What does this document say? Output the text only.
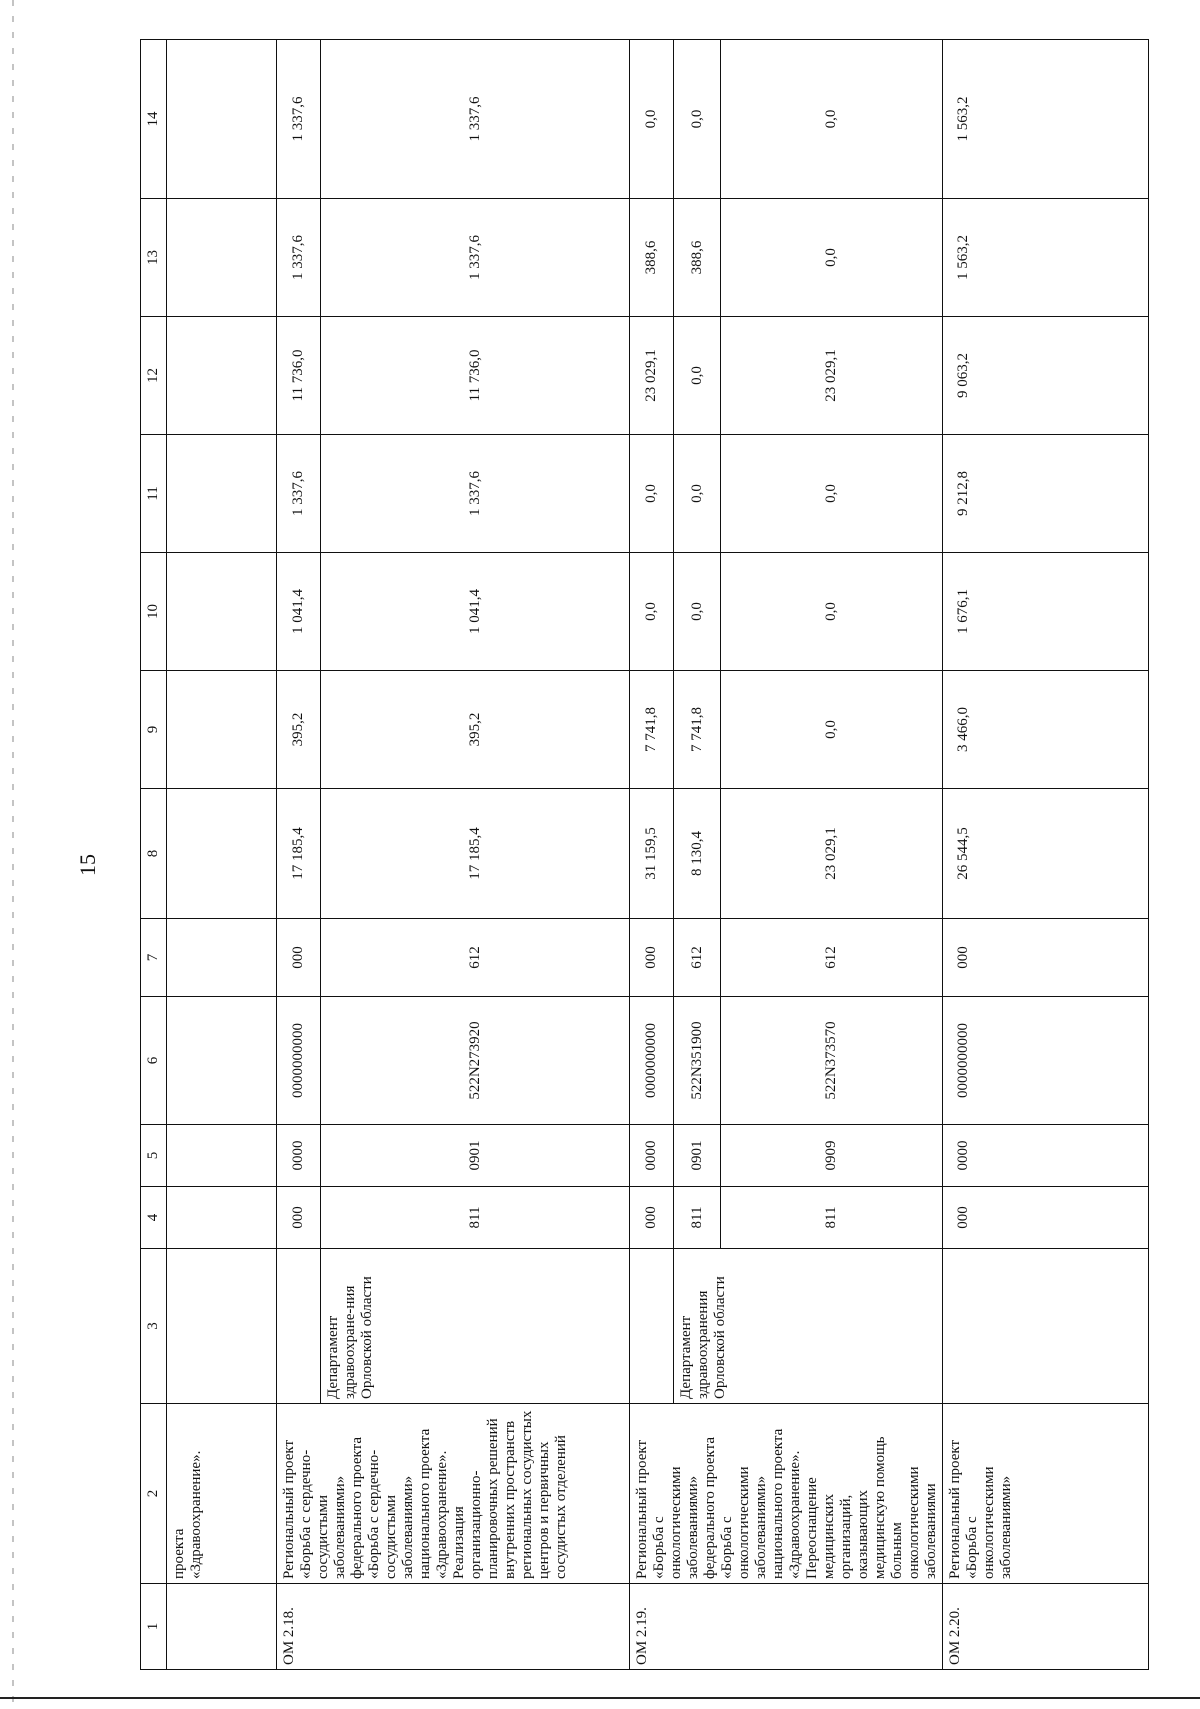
15
1	2	3	4	5	6	7	8	9	10	11	12	13	14
	проекта «Здравоохранение».												
ОМ 2.18.	Региональный проект «Борьба с сердечно-сосудистыми заболеваниями» федерального проекта «Борьба с сердечно-сосудистыми заболеваниями» национального проекта «Здравоохранение». Реализация организационно-планировочных решений внутренних пространств региональных сосудистых центров и первичных сосудистых отделений		000	0000	0000000000	000	17 185,4	395,2	1 041,4	1 337,6	11 736,0	1 337,6	1 337,6
		Департамент здравоохране-ния Орловской области	811	0901	522N273920	612	17 185,4	395,2	1 041,4	1 337,6	11 736,0	1 337,6	1 337,6
ОМ 2.19.	Региональный проект «Борьба с онкологическими заболеваниями» федерального проекта «Борьба с онкологическими заболеваниями» национального проекта «Здравоохранение». Переоснащение медицинских организаций, оказывающих медицинскую помощь больным онкологическими заболеваниями		000	0000	0000000000	000	31 159,5	7 741,8	0,0	0,0	23 029,1	388,6	0,0
		Департамент здравоохранения Орловской области	811	0901	522N351900	612	8 130,4	7 741,8	0,0	0,0	0,0	388,6	0,0
			811	0909	522N373570	612	23 029,1	0,0	0,0	0,0	23 029,1	0,0	0,0
ОМ 2.20.	Региональный проект «Борьба с онкологическими заболеваниями»		000	0000	0000000000	000	26 544,5	3 466,0	1 676,1	9 212,8	9 063,2	1 563,2	1 563,2
